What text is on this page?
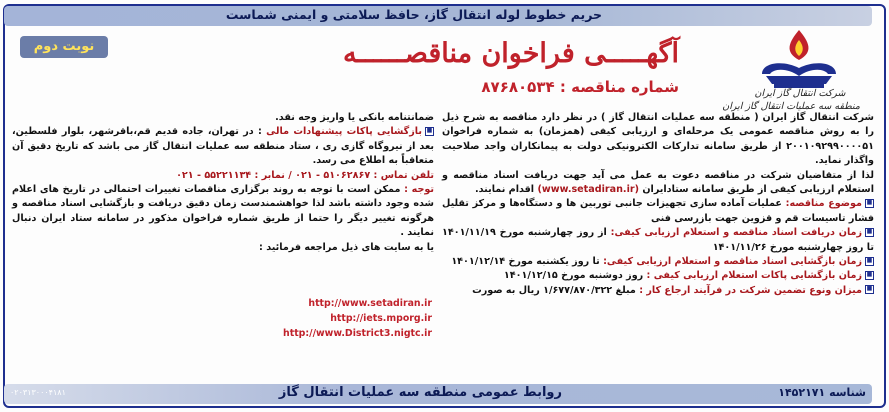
حریم خطوط لوله انتقال گاز، حافظ سلامتی و ایمنی شماست
شرکت انتقال گاز ایران
منطقه سه عملیات انتقال گاز ایران
نوبت دوم	آگهـــــی فراخوان مناقصــــــه
شماره مناقصه : ۸۷۶۸۰۵۳۴

شرکت انتقال گاز ایران ( منطقه سه عملیات انتقال گاز ) در نظر دارد مناقصه به شرح ذیل را به روش مناقصه عمومی یک مرحله‌ای و ارزیابی کیفی (همزمان) به شماره فراخوان ۲۰۰۱۰۹۲۹۹۰۰۰۰۵۱ از طریق سامانه تدارکات الکترونیکی دولت به پیمانکاران واجد صلاحیت واگذار نماید.

لذا از متقاضیان شرکت در مناقصه دعوت به عمل می آید جهت دریافت اسناد مناقصه و استعلام ارزیابی کیفی از طریق سامانه ستادایران (www.setadiran.ir) اقدام نمایند.

■موضوع مناقصه: عملیات آماده سازی تجهیزات جانبی توربین ها و دستگاه‌ها و مرکز تقلیل فشار تاسیسات قم و قزوین جهت بازرسی فنی

■زمان دریافت اسناد مناقصه و استعلام ارزیابی کیفی: از روز چهارشنبه مورخ ۱۴۰۱/۱۱/۱۹ تا روز چهارشنبه مورخ ۱۴۰۱/۱۱/۲۶

■زمان بازگشایی اسناد مناقصه و استعلام ارزیابی کیفی: تا روز یکشنبه مورخ ۱۴۰۱/۱۲/۱۴

■زمان بازگشایی پاکات استعلام ارزیابی کیفی : روز دوشنبه مورخ ۱۴۰۱/۱۲/۱۵

■میزان ونوع تضمین شرکت در فرآیند ارجاع کار : مبلغ ۱/۶۷۷/۸۷۰/۳۲۲ ریال به صورت

ضمانتنامه بانکی یا واریز وجه نقد.

■بازگشایی پاکات پیشنهادات مالی : در تهران، جاده قدیم قم،باقرشهر، بلوار فلسطین، بعد از نیروگاه گازی ری ، ستاد منطقه سه عملیات انتقال گاز می باشد که تاریخ دقیق آن متعاقباً به اطلاع می رسد.

تلفن تماس : ۵۱۰۶۲۸۶۷ - ۰۲۱ / نمابر : ۵۵۲۲۱۱۳۴ - ۰۲۱

توجه : ممکن است با توجه به روند برگزاری مناقصات تغییرات احتمالی در تاریخ های اعلام شده وجود داشته باشد لذا خواهشمندست زمان دقیق دریافت و بازگشایی اسناد مناقصه و هرگونه تغییر دیگر را حتما از طریق شماره فراخوان مذکور در سامانه ستاد ایران دنبال نمایند .

یا به سایت های ذیل مراجعه فرمائید :

http://www.setadiran.ir
http://iets.mporg.ir
http://www.District3.nigtc.ir
شناسه ۱۴۵۲۱۷۱
روابط عمومی منطقه سه عملیات انتقال گاز
۰۲۰۳۱۳۰۰۰۴۱۸۱
